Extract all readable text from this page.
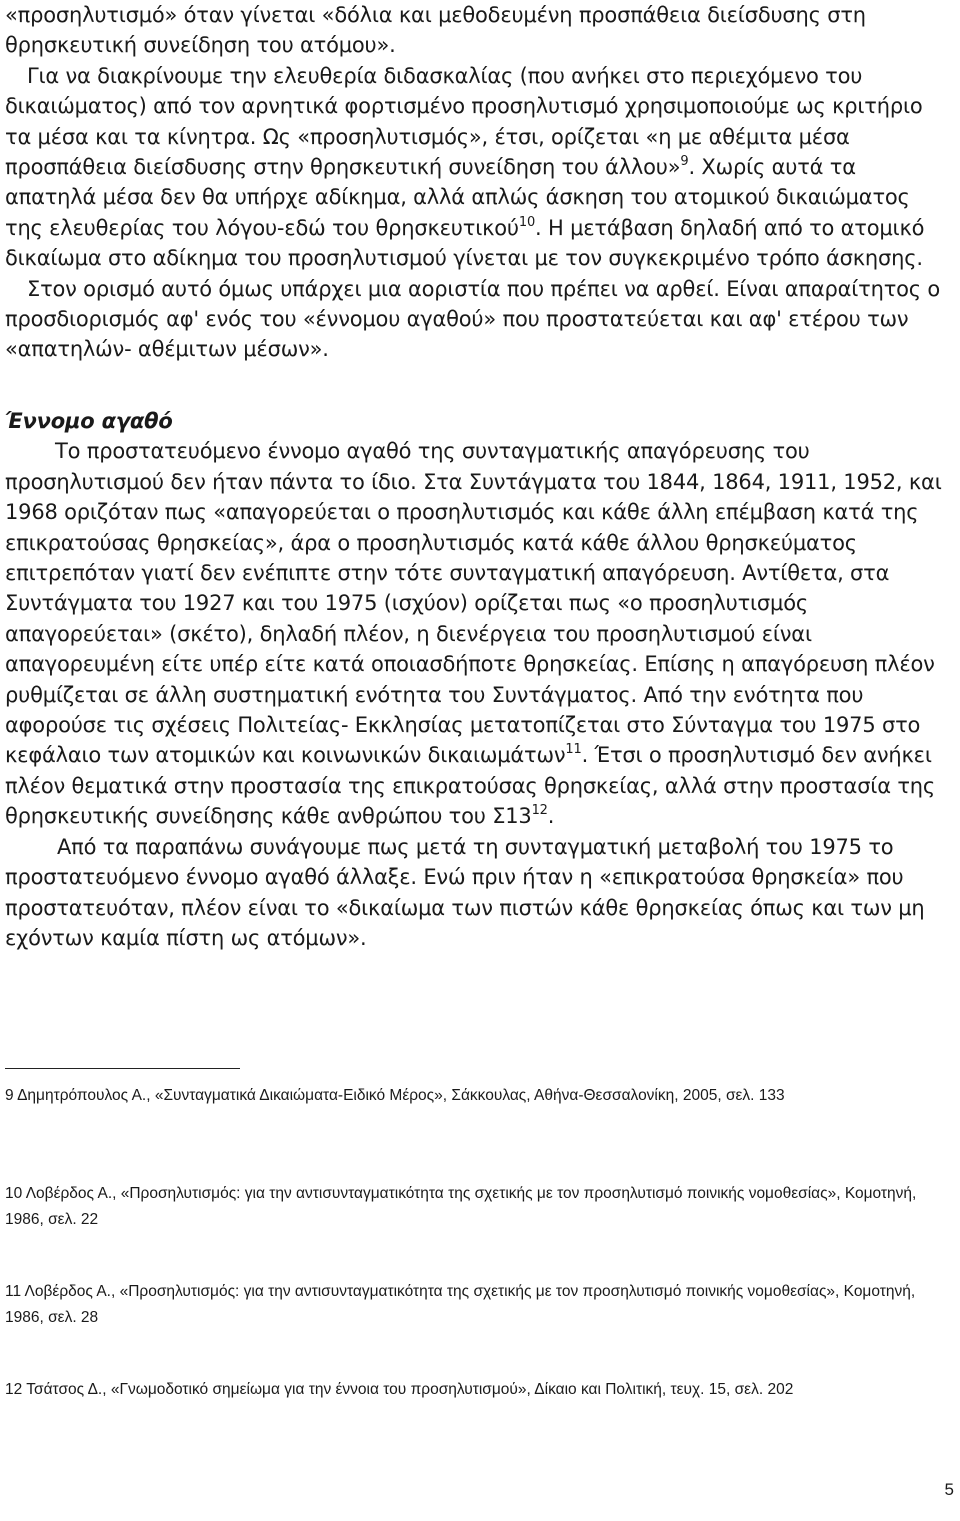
«προσηλυτισμό» όταν γίνεται «δόλια και μεθοδευμένη προσπάθεια διείσδυσης στη θρησκευτική συνείδηση του ατόμου».

Για να διακρίνουμε την ελευθερία διδασκαλίας (που ανήκει στο περιεχόμενο του δικαιώματος) από τον αρνητικά φορτισμένο προσηλυτισμό χρησιμοποιούμε ως κριτήριο τα μέσα και τα κίνητρα. Ως «προσηλυτισμός», έτσι, ορίζεται «η με αθέμιτα μέσα προσπάθεια διείσδυσης στην θρησκευτική συνείδηση του άλλου»$^9$. Χωρίς αυτά τα απατηλά μέσα δεν θα υπήρχε αδίκημα, αλλά απλώς άσκηση του ατομικού δικαιώματος της ελευθερίας του λόγου-εδώ του θρησκευτικού$^{10}$. Η μετάβαση δηλαδή από το ατομικό δικαίωμα στο αδίκημα του προσηλυτισμού γίνεται με τον συγκεκριμένο τρόπο άσκησης.

Στον ορισμό αυτό όμως υπάρχει μια αοριστία που πρέπει να αρθεί. Είναι απαραίτητος ο προσδιορισμός αφ' ενός του «έννομου αγαθού» που προστατεύεται και αφ' ετέρου των «απατηλών- αθέμιτων μέσων».

Έννομο αγαθό

Το προστατευόμενο έννομο αγαθό της συνταγματικής απαγόρευσης του προσηλυτισμού δεν ήταν πάντα το ίδιο. Στα Συντάγματα του 1844, 1864, 1911, 1952, και 1968 οριζόταν πως «απαγορεύεται ο προσηλυτισμός και κάθε άλλη επέμβαση κατά της επικρατούσας θρησκείας», άρα ο προσηλυτισμός κατά κάθε άλλου θρησκεύματος επιτρεπόταν γιατί δεν ενέπιπτε στην τότε συνταγματική απαγόρευση. Αντίθετα, στα Συντάγματα του 1927 και του 1975 (ισχύον) ορίζεται πως «ο προσηλυτισμός απαγορεύεται» (σκέτο), δηλαδή πλέον, η διενέργεια του προσηλυτισμού είναι απαγορευμένη είτε υπέρ είτε κατά οποιασδήποτε θρησκείας. Επίσης η απαγόρευση πλέον ρυθμίζεται σε άλλη συστηματική ενότητα του Συντάγματος. Από την ενότητα που αφορούσε τις σχέσεις Πολιτείας- Εκκλησίας μετατοπίζεται στο Σύνταγμα του 1975 στο κεφάλαιο των ατομικών και κοινωνικών δικαιωμάτων$^{11}$. Έτσι ο προσηλυτισμό δεν ανήκει πλέον θεματικά στην προστασία της επικρατούσας θρησκείας, αλλά στην προστασία της θρησκευτικής συνείδησης κάθε ανθρώπου του $\Sigma 13^{12}$.

Από τα παραπάνω συνάγουμε πως μετά τη συνταγματική μεταβολή του 1975 το προστατευόμενο έννομο αγαθό άλλαξε. Ενώ πριν ήταν η «επικρατούσα θρησκεία» που προστατευόταν, πλέον είναι το «δικαίωμα των πιστών κάθε θρησκείας όπως και των μη εχόντων καμία πίστη ως ατόμων».

9 Δημητρόπουλος Α., «Συνταγματικά Δικαιώματα-Ειδικό Μέρος», Σάκκουλας, Αθήνα-Θεσσαλονίκη, 2005, σελ. 133

10 Λοβέρδος Α., «Προσηλυτισμός: για την αντισυνταγματικότητα της σχετικής με τον προσηλυτισμό ποινικής νομοθεσίας», Κομοτηνή, 1986, σελ. 22

11 Λοβέρδος Α., «Προσηλυτισμός: για την αντισυνταγματικότητα της σχετικής με τον προσηλυτισμό ποινικής νομοθεσίας», Κομοτηνή, 1986, σελ. 28

12 Τσάτσος Δ., «Γνωμοδοτικό σημείωμα για την έννοια του προσηλυτισμού», Δίκαιο και Πολιτική, τευχ. 15, σελ. 202

5
